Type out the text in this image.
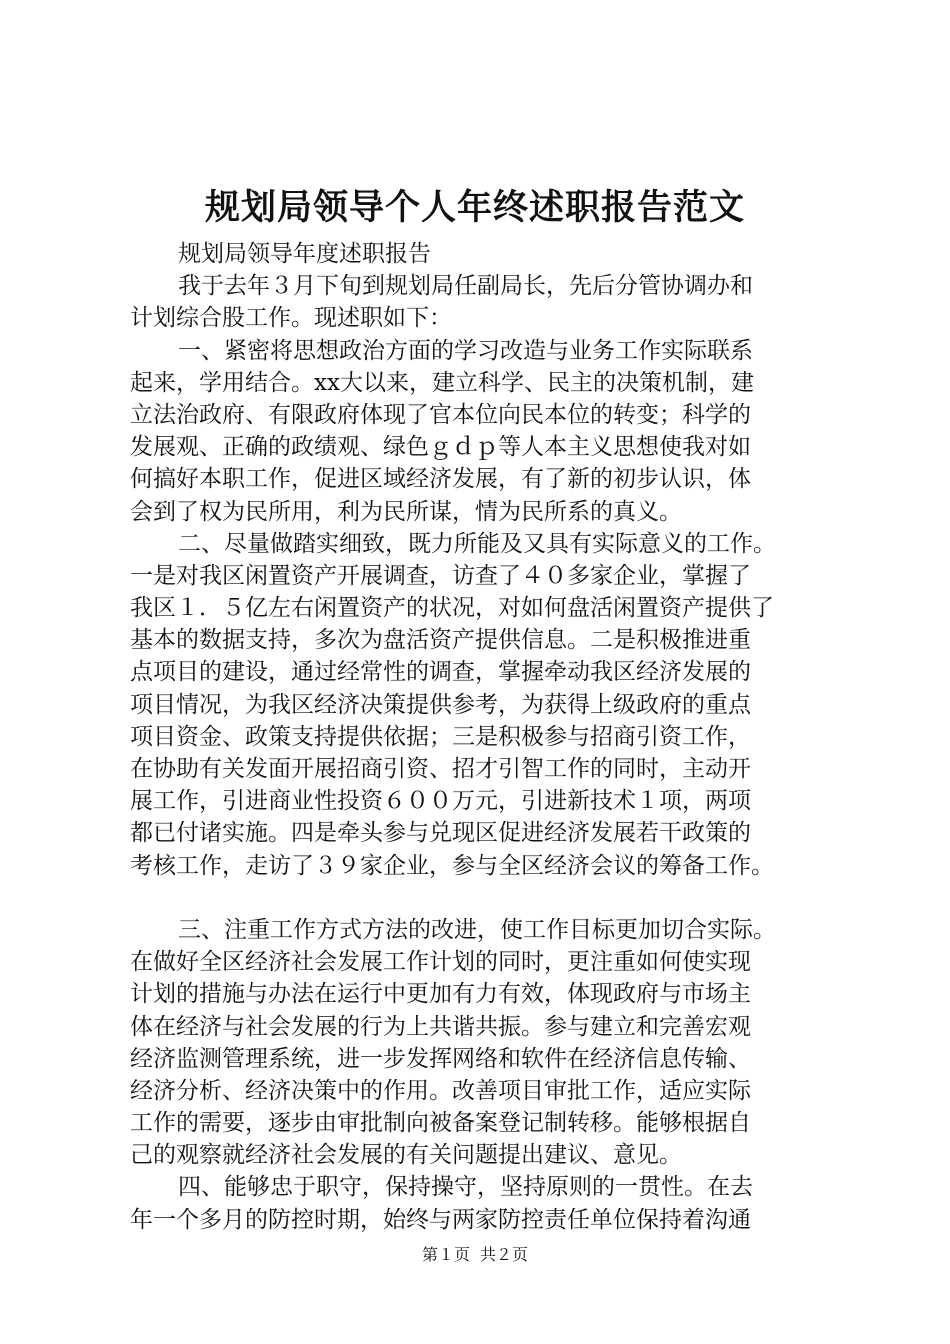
规划局领导个人年终述职报告范文
规划局领导年度述职报告
我于去年３月下旬到规划局任副局长，先后分管协调办和
计划综合股工作。现述职如下：
一、紧密将思想政治方面的学习改造与业务工作实际联系
起来，学用结合。xx大以来，建立科学、民主的决策机制，建
立法治政府、有限政府体现了官本位向民本位的转变；科学的
发展观、正确的政绩观、绿色ｇｄｐ等人本主义思想使我对如
何搞好本职工作，促进区域经济发展，有了新的初步认识，体
会到了权为民所用，利为民所谋，情为民所系的真义。
二、尽量做踏实细致，既力所能及又具有实际意义的工作。
一是对我区闲置资产开展调查，访查了４０多家企业，掌握了
我区１．５亿左右闲置资产的状况，对如何盘活闲置资产提供了
基本的数据支持，多次为盘活资产提供信息。二是积极推进重
点项目的建设，通过经常性的调查，掌握牵动我区经济发展的
项目情况，为我区经济决策提供参考，为获得上级政府的重点
项目资金、政策支持提供依据；三是积极参与招商引资工作，
在协助有关发面开展招商引资、招才引智工作的同时，主动开
展工作，引进商业性投资６００万元，引进新技术１项，两项
都已付诸实施。四是牵头参与兑现区促进经济发展若干政策的
考核工作，走访了３９家企业，参与全区经济会议的筹备工作。
三、注重工作方式方法的改进，使工作目标更加切合实际。
在做好全区经济社会发展工作计划的同时，更注重如何使实现
计划的措施与办法在运行中更加有力有效，体现政府与市场主
体在经济与社会发展的行为上共谐共振。参与建立和完善宏观
经济监测管理系统，进一步发挥网络和软件在经济信息传输、
经济分析、经济决策中的作用。改善项目审批工作，适应实际
工作的需要，逐步由审批制向被备案登记制转移。能够根据自
己的观察就经济社会发展的有关问题提出建议、意见。
四、能够忠于职守，保持操守，坚持原则的一贯性。在去
年一个多月的防控时期，始终与两家防控责任单位保持着沟通
第１页 共２页
